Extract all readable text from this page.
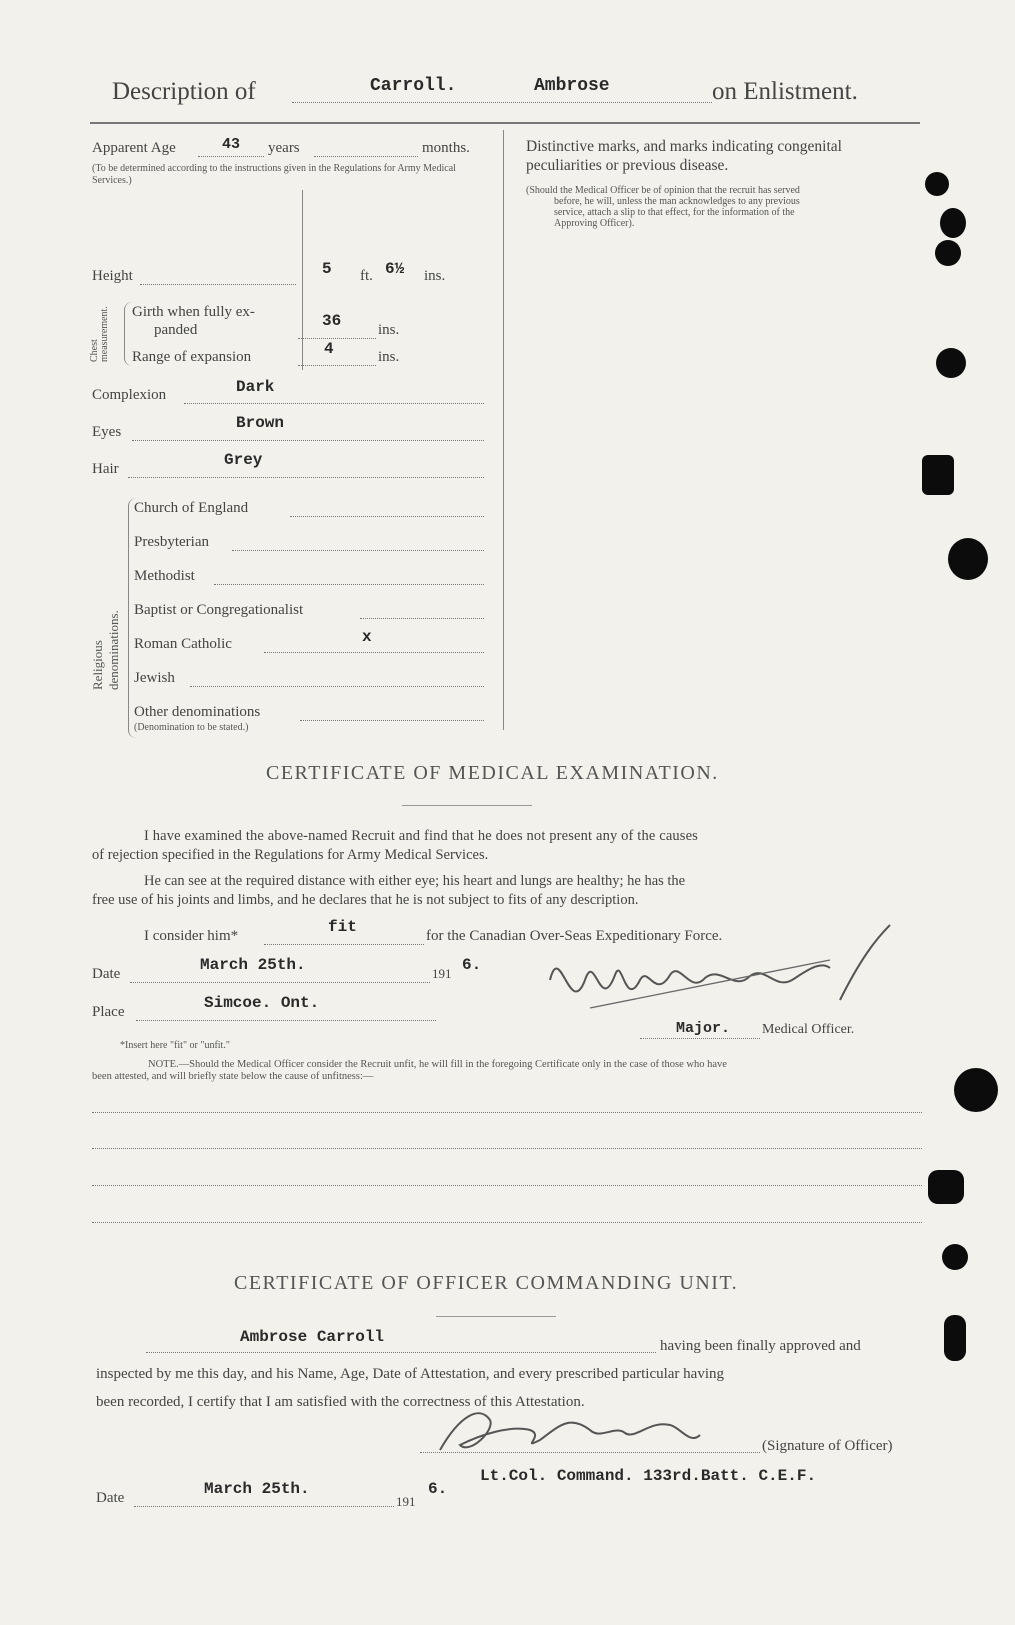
Description of	Carroll.	Ambrose	on Enlistment.
Apparent Age	43 years	months.
(To be determined according to the instructions given in the Regulations for Army Medical Services.)
Height	5 ft. 6½ ins.
Chest measurement. Girth when fully ex-
panded	36 ins.
Range of expansion	4	ins.
Complexion	Dark
Eyes	Brown
Hair	Grey
Religious denominations.
Church of England
Presbyterian
Methodist
Baptist or Congregationalist
Roman Catholic	x
Jewish
Other denominations
(Denomination to be stated.)
Distinctive marks, and marks indicating congenital
peculiarities or previous disease.
(Should the Medical Officer be of opinion that the recruit has served
before, he will, unless the man acknowledges to any previous
service, attach a slip to that effect, for the information of the
Approving Officer).
CERTIFICATE OF MEDICAL EXAMINATION.
I have examined the above-named Recruit and find that he does not present any of the causes
of rejection specified in the Regulations for Army Medical Services.
He can see at the required distance with either eye; his heart and lungs are healthy; he has the
free use of his joints and limbs, and he declares that he is not subject to fits of any description.
I consider him*	fit	for the Canadian Over-Seas Expeditionary Force.
Date	March 25th.	191 6.
Place	Simcoe. Ont.
Major. Medical Officer.
*Insert here "fit" or "unfit."
NOTE.—Should the Medical Officer consider the Recruit unfit, he will fill in the foregoing Certificate only in the case of those who have
been attested, and will briefly state below the cause of unfitness:—
CERTIFICATE OF OFFICER COMMANDING UNIT.
Ambrose Carroll	having been finally approved and
inspected by me this day, and his Name, Age, Date of Attestation, and every prescribed particular having
been recorded, I certify that I am satisfied with the correctness of this Attestation.
(Signature of Officer)
Date	March 25th.
191
6.
Lt.Col. Command. 133rd.Batt. C.E.F.
